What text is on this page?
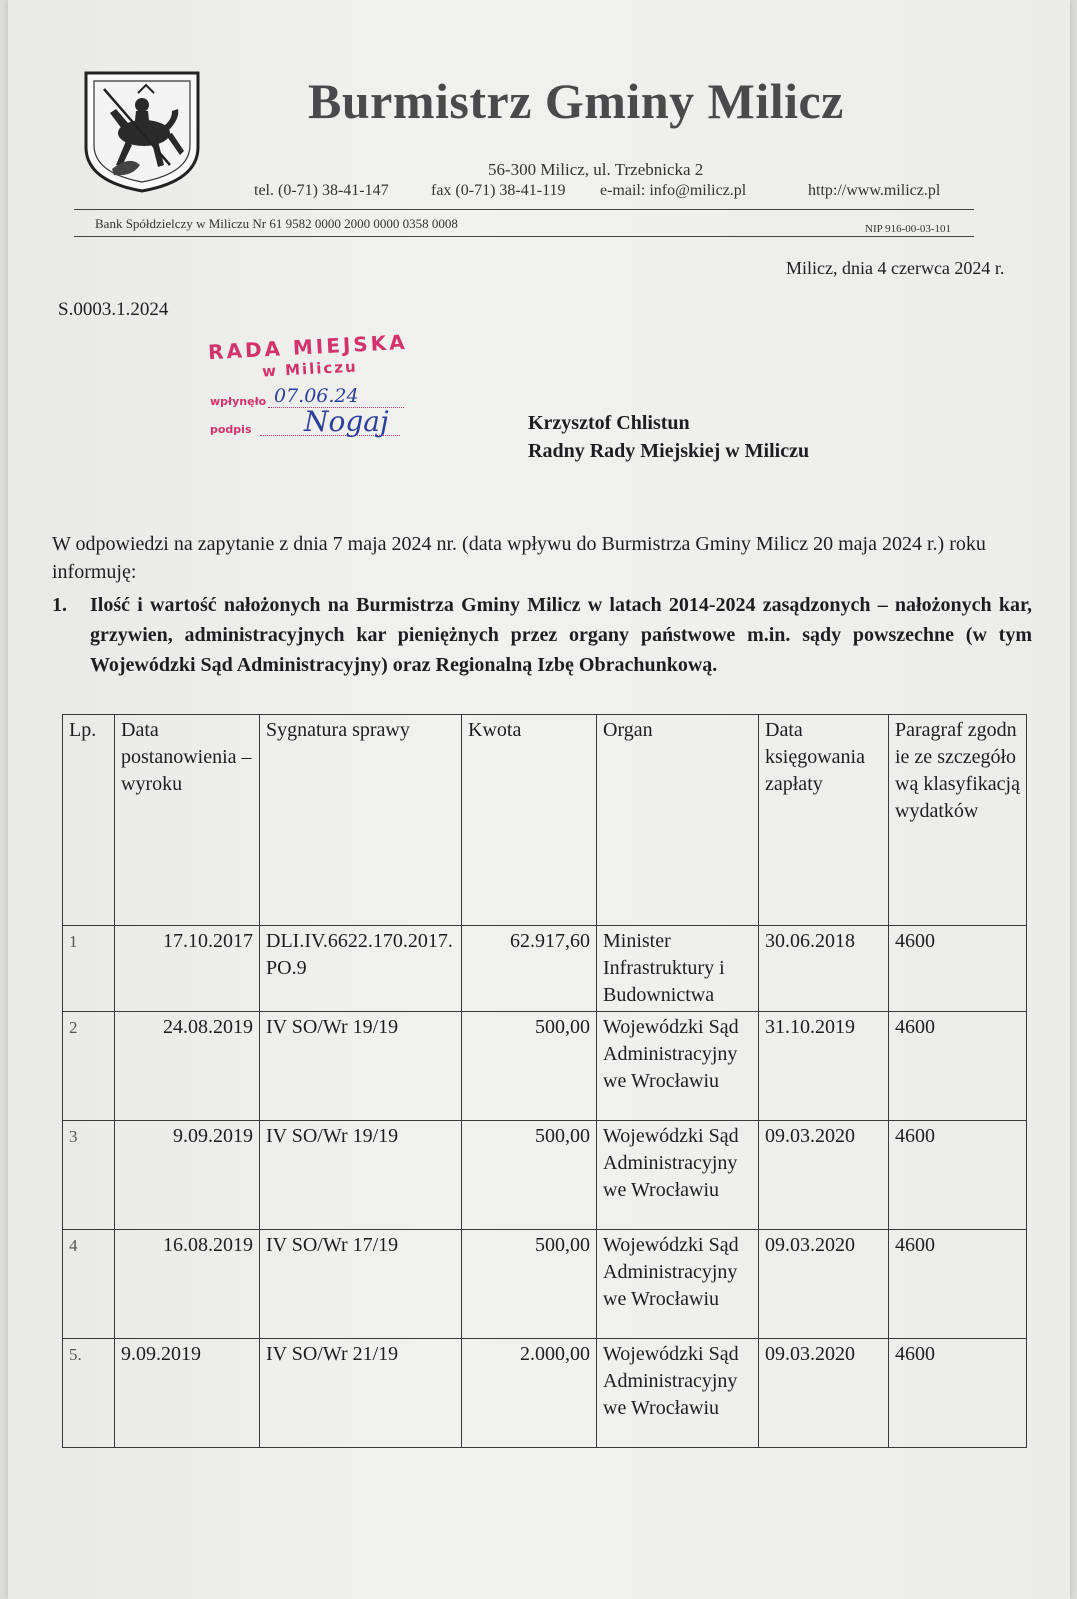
Burmistrz Gminy Milicz
56-300 Milicz, ul. Trzebnicka 2
tel. (0-71) 38-41-147	fax (0-71) 38-41-119 e-mail: info@milicz.pl	http://www.milicz.pl
Bank Spółdzielczy w Miliczu Nr 61 9582 0000 2000 0000 0358 0008	NIP 916-00-03-101
Milicz, dnia 4 czerwca 2024 r.
S.0003.1.2024
RADA MIEJSKA
w Miliczu
wpłynęło 07.06.24
podpis Nogaj	Krzysztof Chlistun
Radny Rady Miejskiej w Miliczu
W odpowiedzi na zapytanie z dnia 7 maja 2024 nr. (data wpływu do Burmistrza Gminy Milicz 20 maja 2024 r.) roku informuję:
1. Ilość i wartość nałożonych na Burmistrza Gminy Milicz w latach 2014-2024 zasądzonych – nałożonych kar, grzywien, administracyjnych kar pieniężnych przez organy państwowe m.in. sądy powszechne (w tym Wojewódzki Sąd Administracyjny) oraz Regionalną Izbę Obrachunkową.
Lp.	Data postanowienia – wyroku	Sygnatura sprawy	Kwota	Organ	Data księgowania zapłaty	Paragraf zgodnie ze szczegółową klasyfikacją wydatków
1	17.10.2017	DLI.IV.6622.170.2017.PO.9	62.917,60	Minister Infrastruktury i Budownictwa	30.06.2018	4600
2	24.08.2019	IV SO/Wr 19/19	500,00	Wojewódzki Sąd Administracyjny we Wrocławiu	31.10.2019	4600
3	9.09.2019	IV SO/Wr 19/19	500,00	Wojewódzki Sąd Administracyjny we Wrocławiu	09.03.2020	4600
4	16.08.2019	IV SO/Wr 17/19	500,00	Wojewódzki Sąd Administracyjny we Wrocławiu	09.03.2020	4600
5.	9.09.2019	IV SO/Wr 21/19	2.000,00	Wojewódzki Sąd Administracyjny we Wrocławiu	09.03.2020	4600
